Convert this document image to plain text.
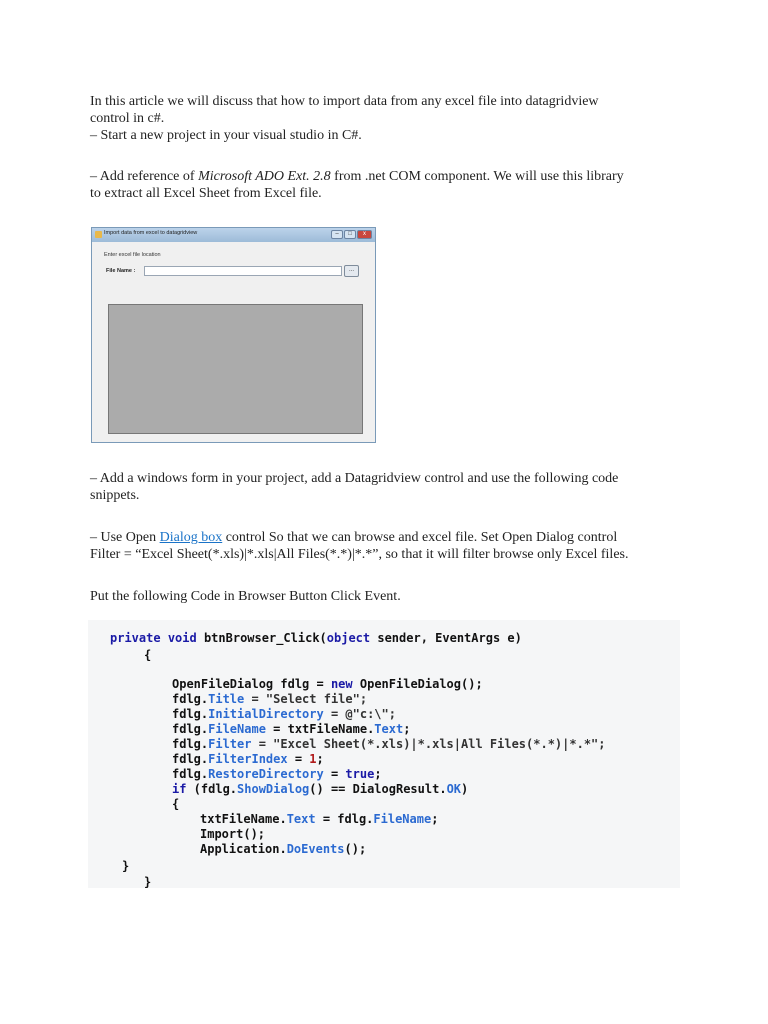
In this article we will discuss that how to import data from any excel file into datagridview
control in c#.
– Start a new project in your visual studio in C#.

– Add reference of Microsoft ADO Ext. 2.8 from .net COM component. We will use this library
to extract all Excel Sheet from Excel file.

Import data from excel to datagridview	–	□	x
Enter excel file location
File Name :	...

– Add a windows form in your project, add a Datagridview control and use the following code
snippets.

– Use Open Dialog box control So that we can browse and excel file. Set Open Dialog control
Filter = “Excel Sheet(*.xls)|*.xls|All Files(*.*)|*.*”, so that it will filter browse only Excel files.

Put the following Code in Browser Button Click Event.

private void btnBrowser_Click(object sender, EventArgs e)
{
OpenFileDialog fdlg = new OpenFileDialog();
fdlg.Title = "Select file";
fdlg.InitialDirectory = @"c:\";
fdlg.FileName = txtFileName.Text;
fdlg.Filter = "Excel Sheet(*.xls)|*.xls|All Files(*.*)|*.*";
fdlg.FilterIndex = 1;
fdlg.RestoreDirectory = true;
if (fdlg.ShowDialog() == DialogResult.OK)
{
txtFileName.Text = fdlg.FileName;
Import();
Application.DoEvents();
}
}
